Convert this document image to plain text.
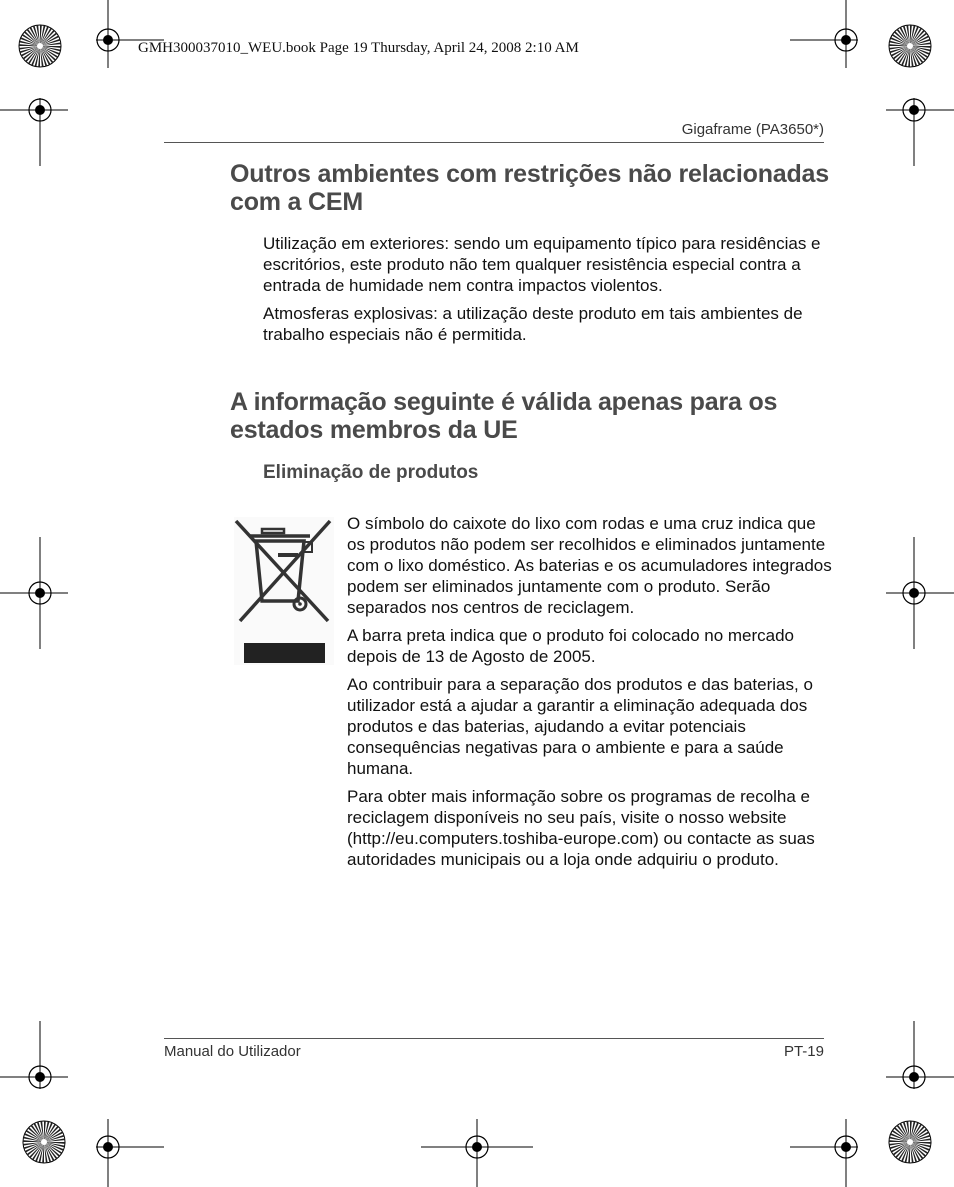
GMH300037010_WEU.book Page 19 Thursday, April 24, 2008 2:10 AM
Gigaframe (PA3650*)
Outros ambientes com restrições não relacionadas com a CEM

Utilização em exteriores: sendo um equipamento típico para residências e escritórios, este produto não tem qualquer resistência especial contra a entrada de humidade nem contra impactos violentos.

Atmosferas explosivas: a utilização deste produto em tais ambientes de trabalho especiais não é permitida.

A informação seguinte é válida apenas para os estados membros da UE
Eliminação de produtos

O símbolo do caixote do lixo com rodas e uma cruz indica que os produtos não podem ser recolhidos e eliminados juntamente com o lixo doméstico. As baterias e os acumuladores integrados podem ser eliminados juntamente com o produto. Serão separados nos centros de reciclagem.

A barra preta indica que o produto foi colocado no mercado depois de 13 de Agosto de 2005.

Ao contribuir para a separação dos produtos e das baterias, o utilizador está a ajudar a garantir a eliminação adequada dos produtos e das baterias, ajudando a evitar potenciais consequências negativas para o ambiente e para a saúde humana.

Para obter mais informação sobre os programas de recolha e reciclagem disponíveis no seu país, visite o nosso website (http://eu.computers.toshiba-europe.com) ou contacte as suas autoridades municipais ou a loja onde adquiriu o produto.

Manual do Utilizador	PT-19
